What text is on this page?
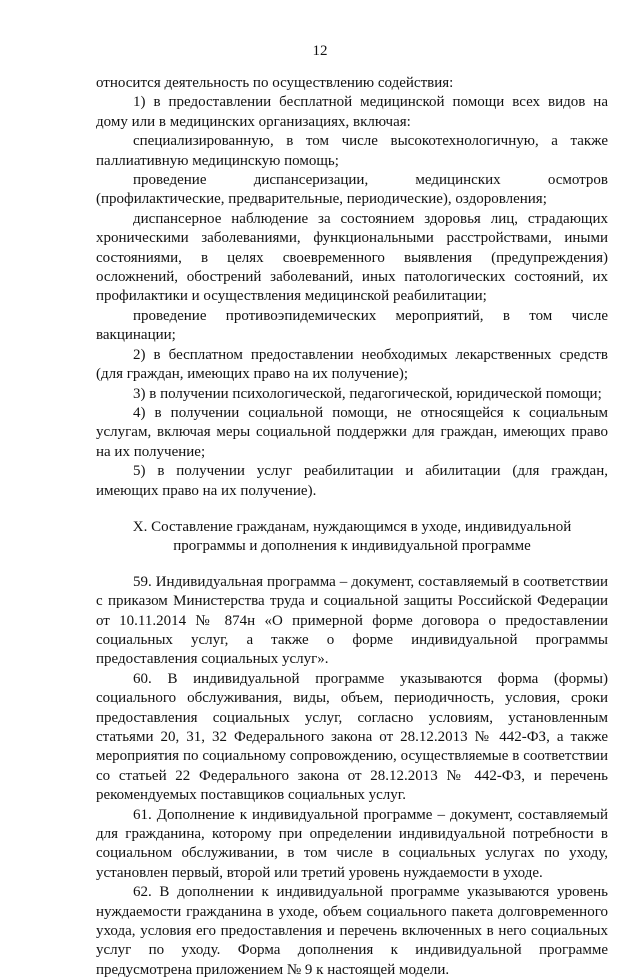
12

относится деятельность по осуществлению содействия:

1) в предоставлении бесплатной медицинской помощи всех видов на дому или в медицинских организациях, включая:

специализированную, в том числе высокотехнологичную, а также паллиативную медицинскую помощь;

проведение диспансеризации, медицинских осмотров (профилактические, предварительные, периодические), оздоровления;

диспансерное наблюдение за состоянием здоровья лиц, страдающих хроническими заболеваниями, функциональными расстройствами, иными состояниями, в целях своевременного выявления (предупреждения) осложнений, обострений заболеваний, иных патологических состояний, их профилактики и осуществления медицинской реабилитации;

проведение противоэпидемических мероприятий, в том числе вакцинации;

2) в бесплатном предоставлении необходимых лекарственных средств (для граждан, имеющих право на их получение);

3) в получении психологической, педагогической, юридической помощи;

4) в получении социальной помощи, не относящейся к социальным услугам, включая меры социальной поддержки для граждан, имеющих право на их получение;

5) в получении услуг реабилитации и абилитации (для граждан, имеющих право на их получение).

X. Составление гражданам, нуждающимся в уходе, индивидуальной
программы и дополнения к индивидуальной программе

59. Индивидуальная программа – документ, составляемый в соответствии с приказом Министерства труда и социальной защиты Российской Федерации от 10.11.2014 № 874н «О примерной форме договора о предоставлении социальных услуг, а также о форме индивидуальной программы предоставления социальных услуг».

60. В индивидуальной программе указываются форма (формы) социального обслуживания, виды, объем, периодичность, условия, сроки предоставления социальных услуг, согласно условиям, установленным статьями 20, 31, 32 Федерального закона от 28.12.2013 № 442-ФЗ, а также мероприятия по социальному сопровождению, осуществляемые в соответствии со статьей 22 Федерального закона от 28.12.2013 № 442-ФЗ, и перечень рекомендуемых поставщиков социальных услуг.

61. Дополнение к индивидуальной программе – документ, составляемый для гражданина, которому при определении индивидуальной потребности в социальном обслуживании, в том числе в социальных услугах по уходу, установлен первый, второй или третий уровень нуждаемости в уходе.

62. В дополнении к индивидуальной программе указываются уровень нуждаемости гражданина в уходе, объем социального пакета долговременного ухода, условия его предоставления и перечень включенных в него социальных услуг по уходу. Форма дополнения к индивидуальной программе предусмотрена приложением № 9 к настоящей модели.
